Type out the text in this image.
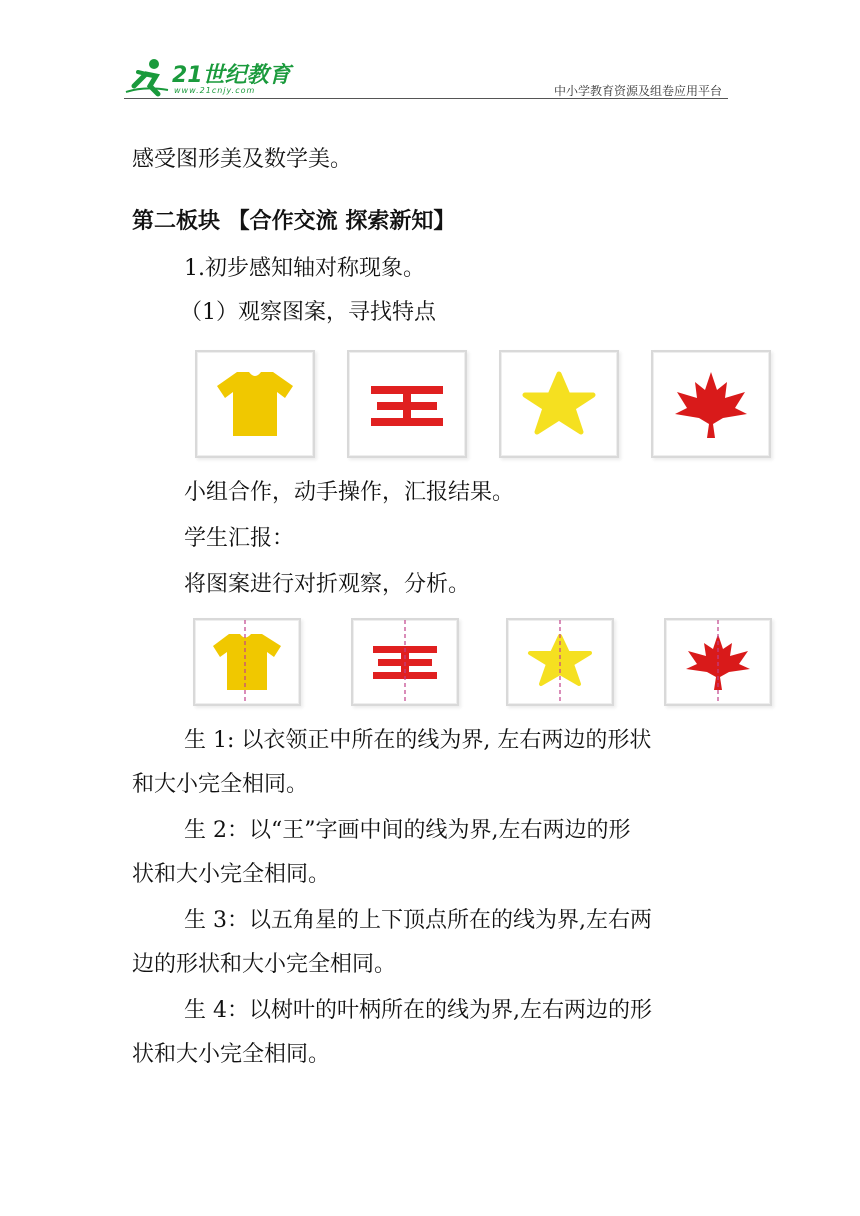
21世纪教育
www.21cnjy.com	中小学教育资源及组卷应用平台
感受图形美及数学美。
第二板块 【合作交流 探索新知】
1.初步感知轴对称现象。
（1）观察图案，寻找特点
小组合作，动手操作，汇报结果。
学生汇报：
将图案进行对折观察，分析。
生 1: 以衣领正中所在的线为界, 左右两边的形状
和大小完全相同。
生 2：以“王”字画中间的线为界,左右两边的形
状和大小完全相同。
生 3：以五角星的上下顶点所在的线为界,左右两
边的形状和大小完全相同。
生 4：以树叶的叶柄所在的线为界,左右两边的形
状和大小完全相同。
